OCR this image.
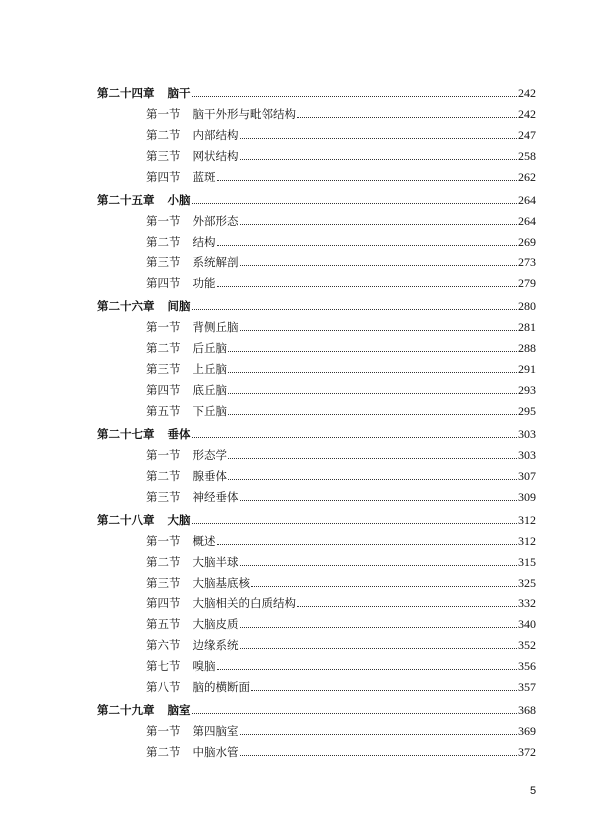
第二十四章 脑干	242
第一节 脑干外形与毗邻结构	242
第二节 内部结构	247
第三节 网状结构	258
第四节 蓝斑	262
第二十五章 小脑	264
第一节 外部形态	264
第二节 结构	269
第三节 系统解剖	273
第四节 功能	279
第二十六章 间脑	280
第一节 背侧丘脑	281
第二节 后丘脑	288
第三节 上丘脑	291
第四节 底丘脑	293
第五节 下丘脑	295
第二十七章 垂体	303
第一节 形态学	303
第二节 腺垂体	307
第三节 神经垂体	309
第二十八章 大脑	312
第一节 概述	312
第二节 大脑半球	315
第三节 大脑基底核	325
第四节 大脑相关的白质结构	332
第五节 大脑皮质	340
第六节 边缘系统	352
第七节 嗅脑	356
第八节 脑的横断面	357
第二十九章 脑室	368
第一节 第四脑室	369
第二节 中脑水管	372
5
